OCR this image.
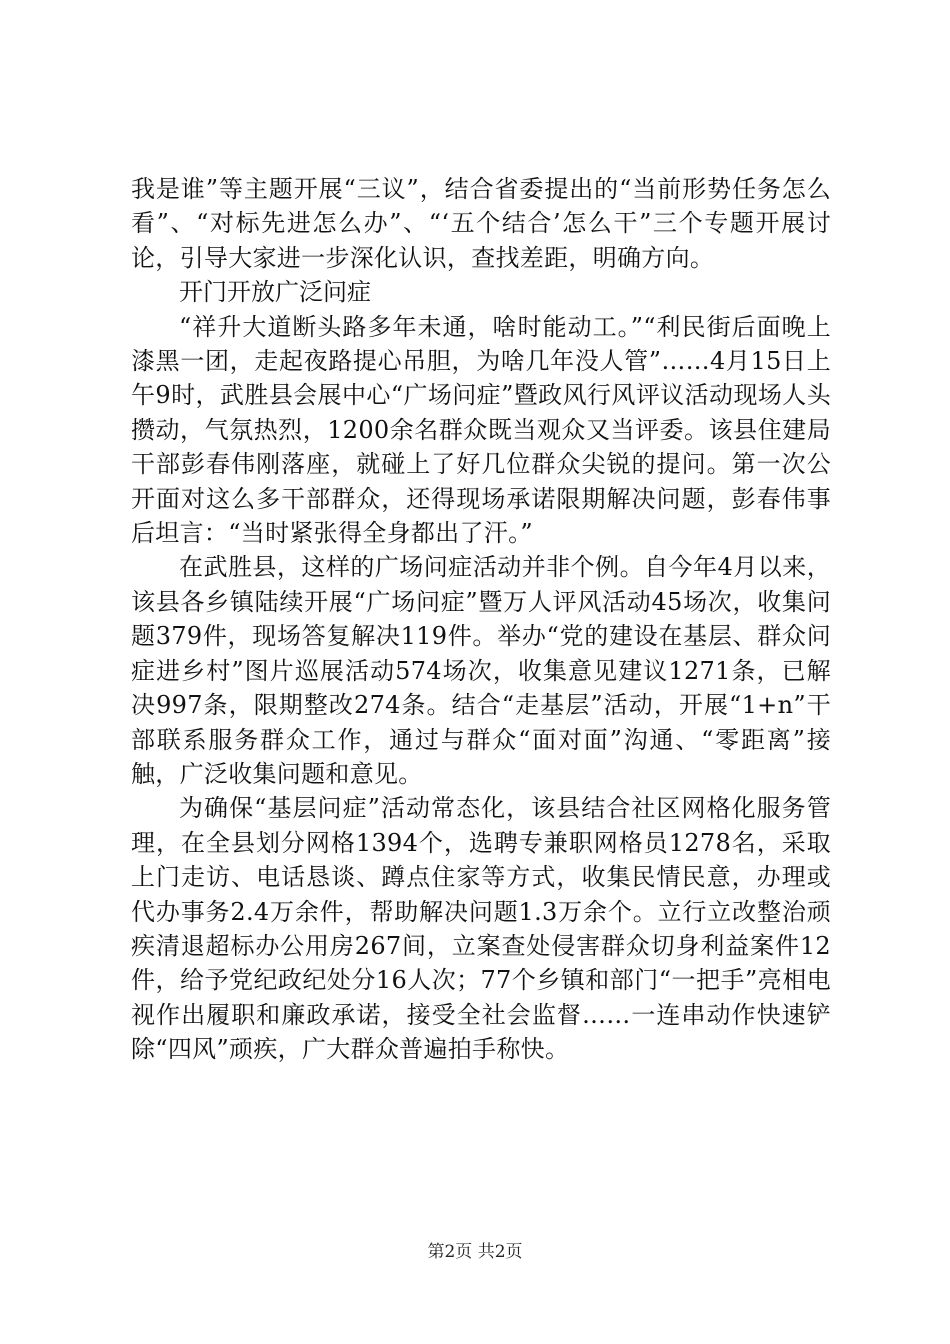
我是谁”等主题开展“三议”，结合省委提出的“当前形势任务怎么看”、“对标先进怎么办”、“‘五个结合’怎么干”三个专题开展讨论，引导大家进一步深化认识，查找差距，明确方向。

开门开放广泛问症

“祥升大道断头路多年未通，啥时能动工。”“利民街后面晚上漆黑一团，走起夜路提心吊胆，为啥几年没人管”……4月15日上午9时，武胜县会展中心“广场问症”暨政风行风评议活动现场人头攒动，气氛热烈，1200余名群众既当观众又当评委。该县住建局干部彭春伟刚落座，就碰上了好几位群众尖锐的提问。第一次公开面对这么多干部群众，还得现场承诺限期解决问题，彭春伟事后坦言：“当时紧张得全身都出了汗。”

在武胜县，这样的广场问症活动并非个例。自今年4月以来，该县各乡镇陆续开展“广场问症”暨万人评风活动45场次，收集问题379件，现场答复解决119件。举办“党的建设在基层、群众问症进乡村”图片巡展活动574场次，收集意见建议1271条，已解决997条，限期整改274条。结合“走基层”活动，开展“1+n”干部联系服务群众工作，通过与群众“面对面”沟通、“零距离”接触，广泛收集问题和意见。

为确保“基层问症”活动常态化，该县结合社区网格化服务管理，在全县划分网格1394个，选聘专兼职网格员1278名，采取上门走访、电话恳谈、蹲点住家等方式，收集民情民意，办理或代办事务2.4万余件，帮助解决问题1.3万余个。立行立改整治顽疾清退超标办公用房267间，立案查处侵害群众切身利益案件12件，给予党纪政纪处分16人次；77个乡镇和部门“一把手”亮相电视作出履职和廉政承诺，接受全社会监督……一连串动作快速铲除“四风”顽疾，广大群众普遍拍手称快。

第2页 共2页
